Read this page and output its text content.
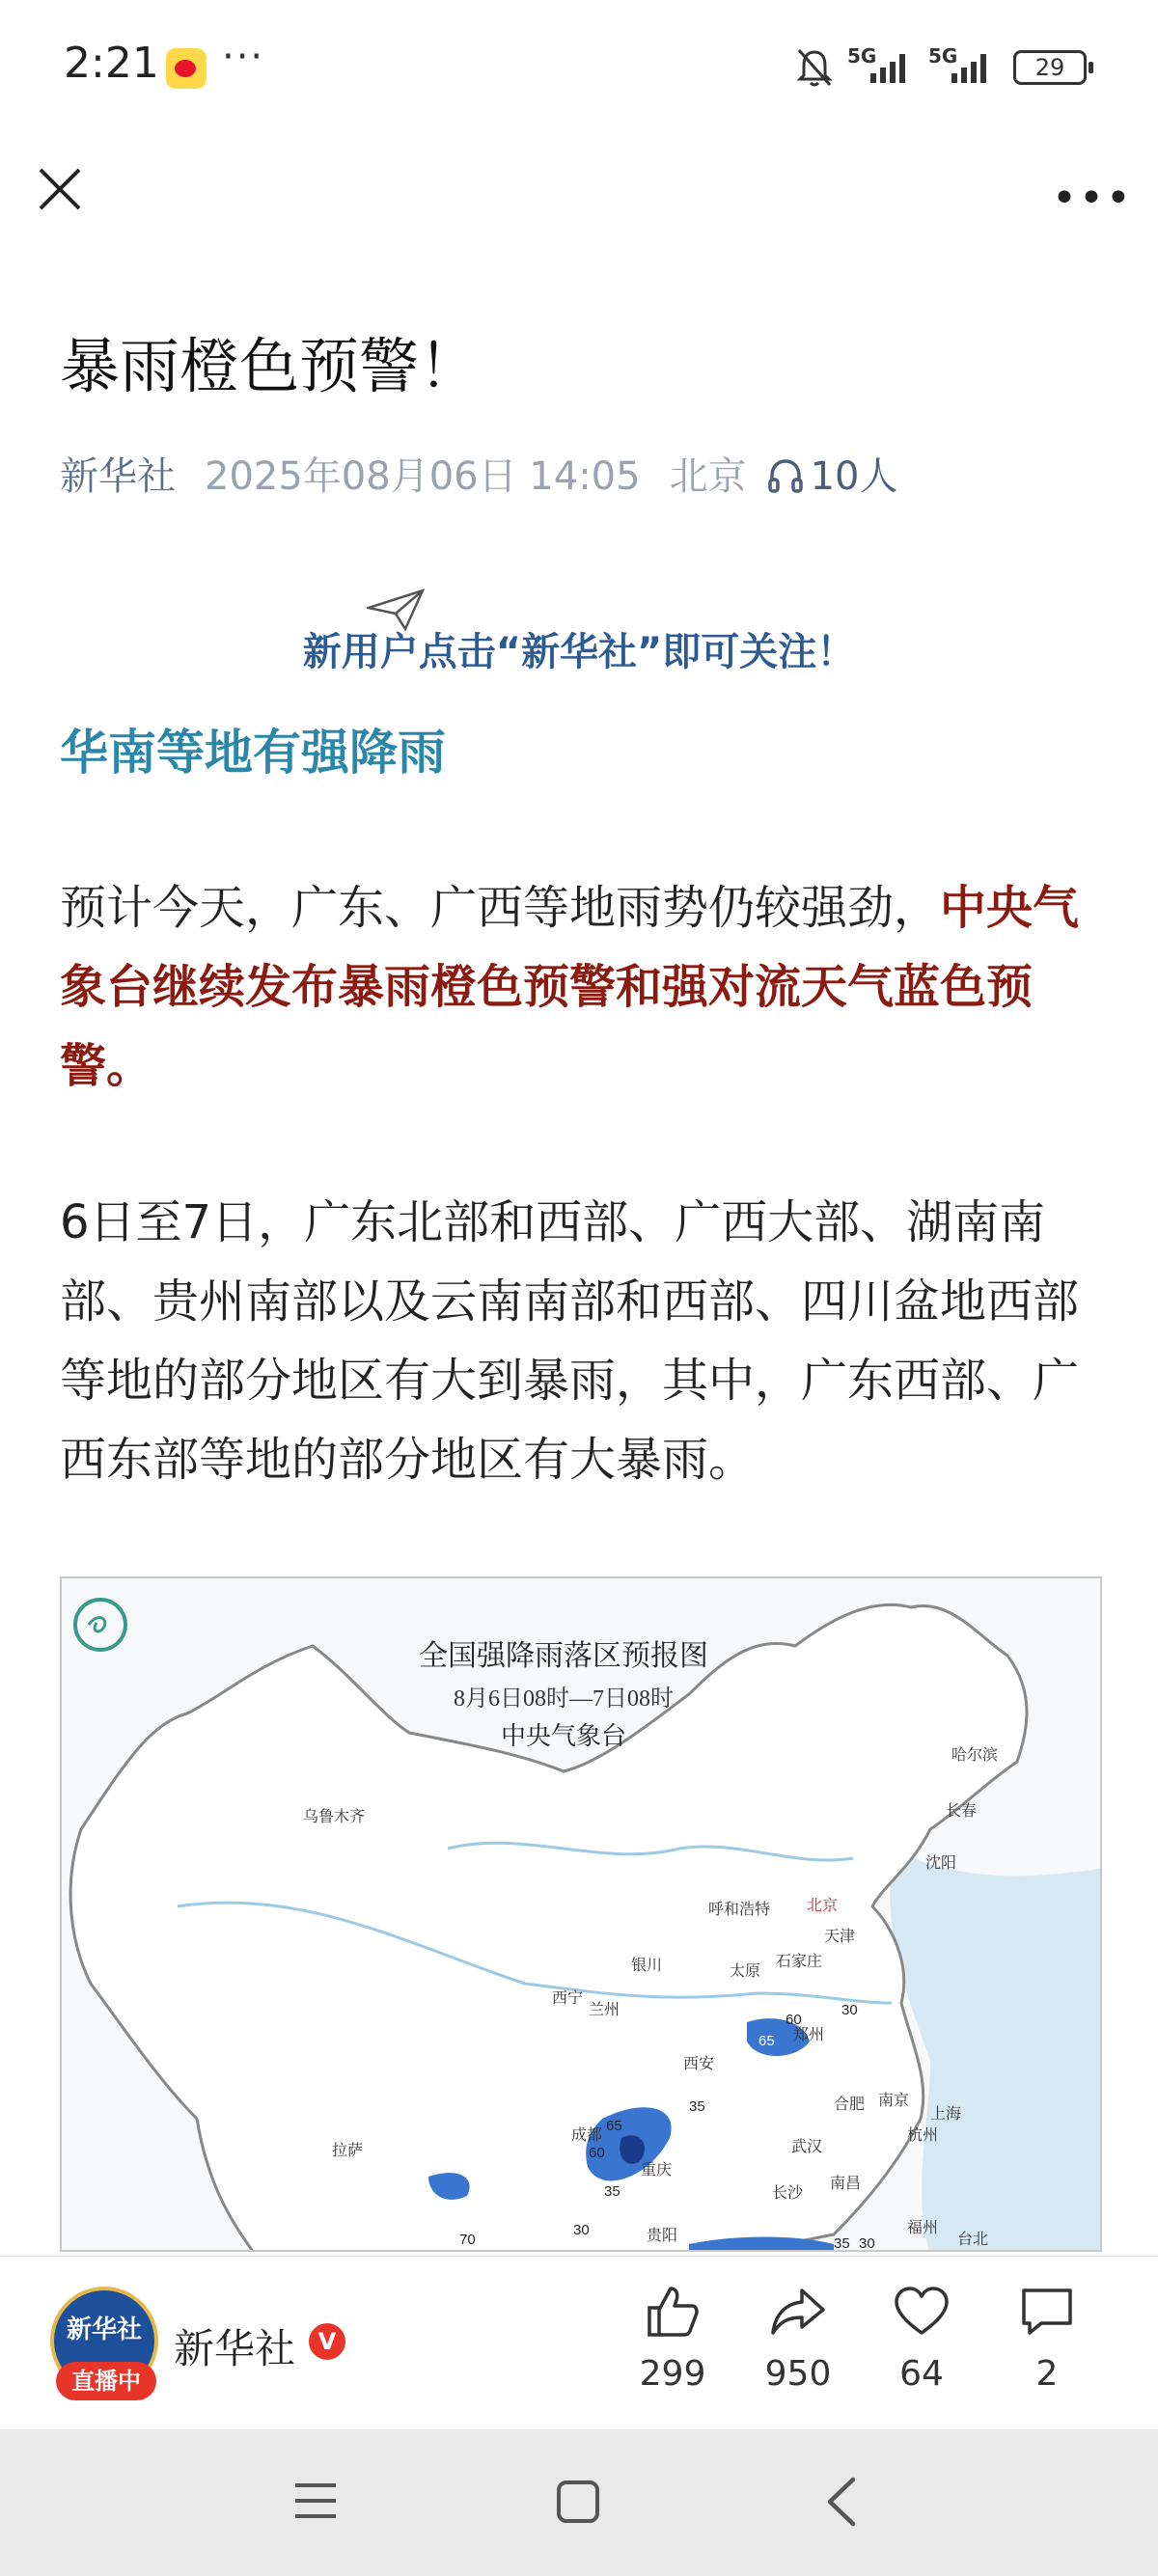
2:21 ···	5G	5G	29
•••
暴雨橙色预警！
新华社 2025年08月06日 14:05 北京 10人
新用户点击“新华社”即可关注！
华南等地有强降雨
预计今天，广东、广西等地雨势仍较强劲，中央气象台继续发布暴雨橙色预警和强对流天气蓝色预警。
6日至7日，广东北部和西部、广西大部、湖南南部、贵州南部以及云南南部和西部、四川盆地西部等地的部分地区有大到暴雨，其中，广东西部、广西东部等地的部分地区有大暴雨。
全国强降雨落区预报图
8月6日08时—7日08时
中央气象台
哈尔滨
长春
乌鲁木齐
沈阳
呼和浩特 北京
天津
石家庄
太原
银川
西宁
兰州
郑州
西安
合肥 南京
上海
成都
武汉
杭州
拉萨
重庆
长沙
南昌
福州
贵阳	台北
60
30
65
35
65
60
35
30
70	35 30
新华社
直播中
新华社 V
299	950	64	2
